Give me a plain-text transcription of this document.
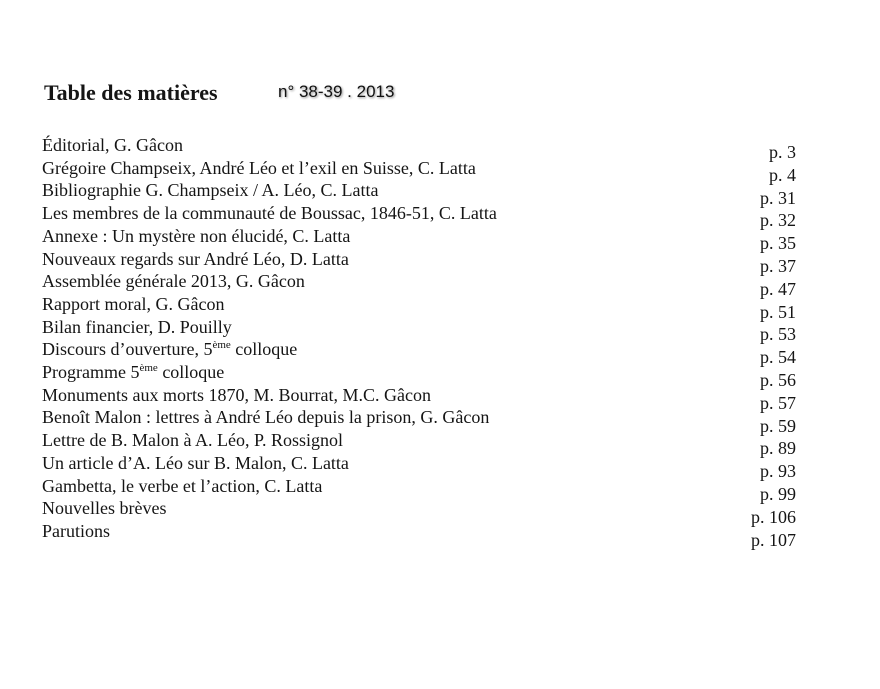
Table des matières	n° 38-39 . 2013
Éditorial, G. Gâcon	p. 3
Grégoire Champseix, André Léo et l’exil en Suisse, C. Latta	p. 4
Bibliographie G. Champseix / A. Léo, C. Latta	p. 31
Les membres de la communauté de Boussac, 1846-51, C. Latta	p. 32
Annexe : Un mystère non élucidé, C. Latta	p. 35
Nouveaux regards sur André Léo, D. Latta	p. 37
Assemblée générale 2013, G. Gâcon	p. 47
Rapport moral, G. Gâcon	p. 51
Bilan financier, D. Pouilly	p. 53
Discours d’ouverture, 5ème colloque	p. 54
Programme 5ème colloque	p. 56
Monuments aux morts 1870, M. Bourrat, M.C. Gâcon	p. 57
Benoît Malon : lettres à André Léo depuis la prison, G. Gâcon	p. 59
Lettre de B. Malon à A. Léo, P. Rossignol	p. 89
Un article d’A. Léo sur B. Malon, C. Latta	p. 93
Gambetta, le verbe et l’action, C. Latta	p. 99
Nouvelles brèves	p. 106
Parutions	p. 107
